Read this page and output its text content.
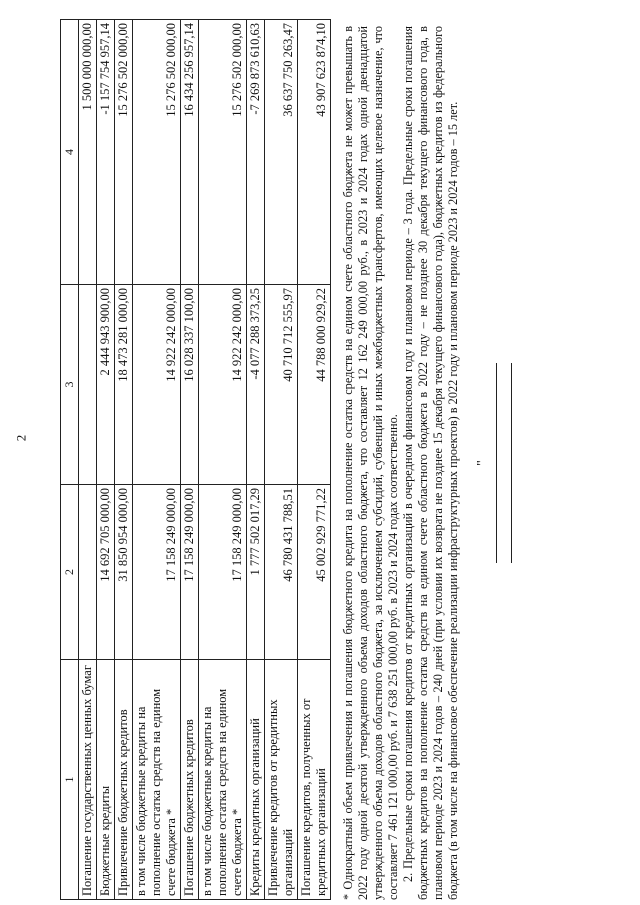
2
1	2	3	4
Погашение государственных ценных бумаг			1 500 000 000,00
Бюджетные кредиты	14 692 705 000,00	2 444 943 900,00	-1 157 754 957,14
Привлечение бюджетных кредитов	31 850 954 000,00	18 473 281 000,00	15 276 502 000,00
в том числе бюджетные кредиты на пополнение остатка средств на едином счете бюджета *	17 158 249 000,00	14 922 242 000,00	15 276 502 000,00
Погашение бюджетных кредитов	17 158 249 000,00	16 028 337 100,00	16 434 256 957,14
в том числе бюджетные кредиты на пополнение остатка средств на едином счете бюджета *	17 158 249 000,00	14 922 242 000,00	15 276 502 000,00
Кредиты кредитных организаций	1 777 502 017,29	-4 077 288 373,25	-7 269 873 610,63
Привлечение кредитов от кредитных организаций	46 780 431 788,51	40 710 712 555,97	36 637 750 263,47
Погашение кредитов, полученных от кредитных организаций	45 002 929 771,22	44 788 000 929,22	43 907 623 874,10 * Однократный объем привлечения и погашения бюджетного кредита на пополнение остатка средств на едином счете областного бюджета не может превышать в 2022 году одной десятой утвержденного объема доходов областного бюджета, что составляет 12 162 249 000,00 руб., в 2023 и 2024 годах одной двенадцатой утвержденного объема доходов областного бюджета, за исключением субсидий, субвенций и иных межбюджетных трансфертов, имеющих целевое назначение, что составляет 7 461 121 000,00 руб. и 7 638 251 000,00 руб. в 2023 и 2024 годах соответственно. 2. Предельные сроки погашения кредитов от кредитных организаций в очередном финансовом году и плановом периоде – 3 года. Предельные сроки погашения бюджетных кредитов на пополнение остатка средств на едином счете областного бюджета в 2022 году – не позднее 30 декабря текущего финансового года, в плановом периоде 2023 и 2024 годов – 240 дней (при условии их возврата не позднее 15 декабря текущего финансового года), бюджетных кредитов из федерального бюджета (в том числе на финансовое обеспечение реализации инфраструктурных проектов) в 2022 году и плановом периоде 2023 и 2024 годов – 15 лет. "
